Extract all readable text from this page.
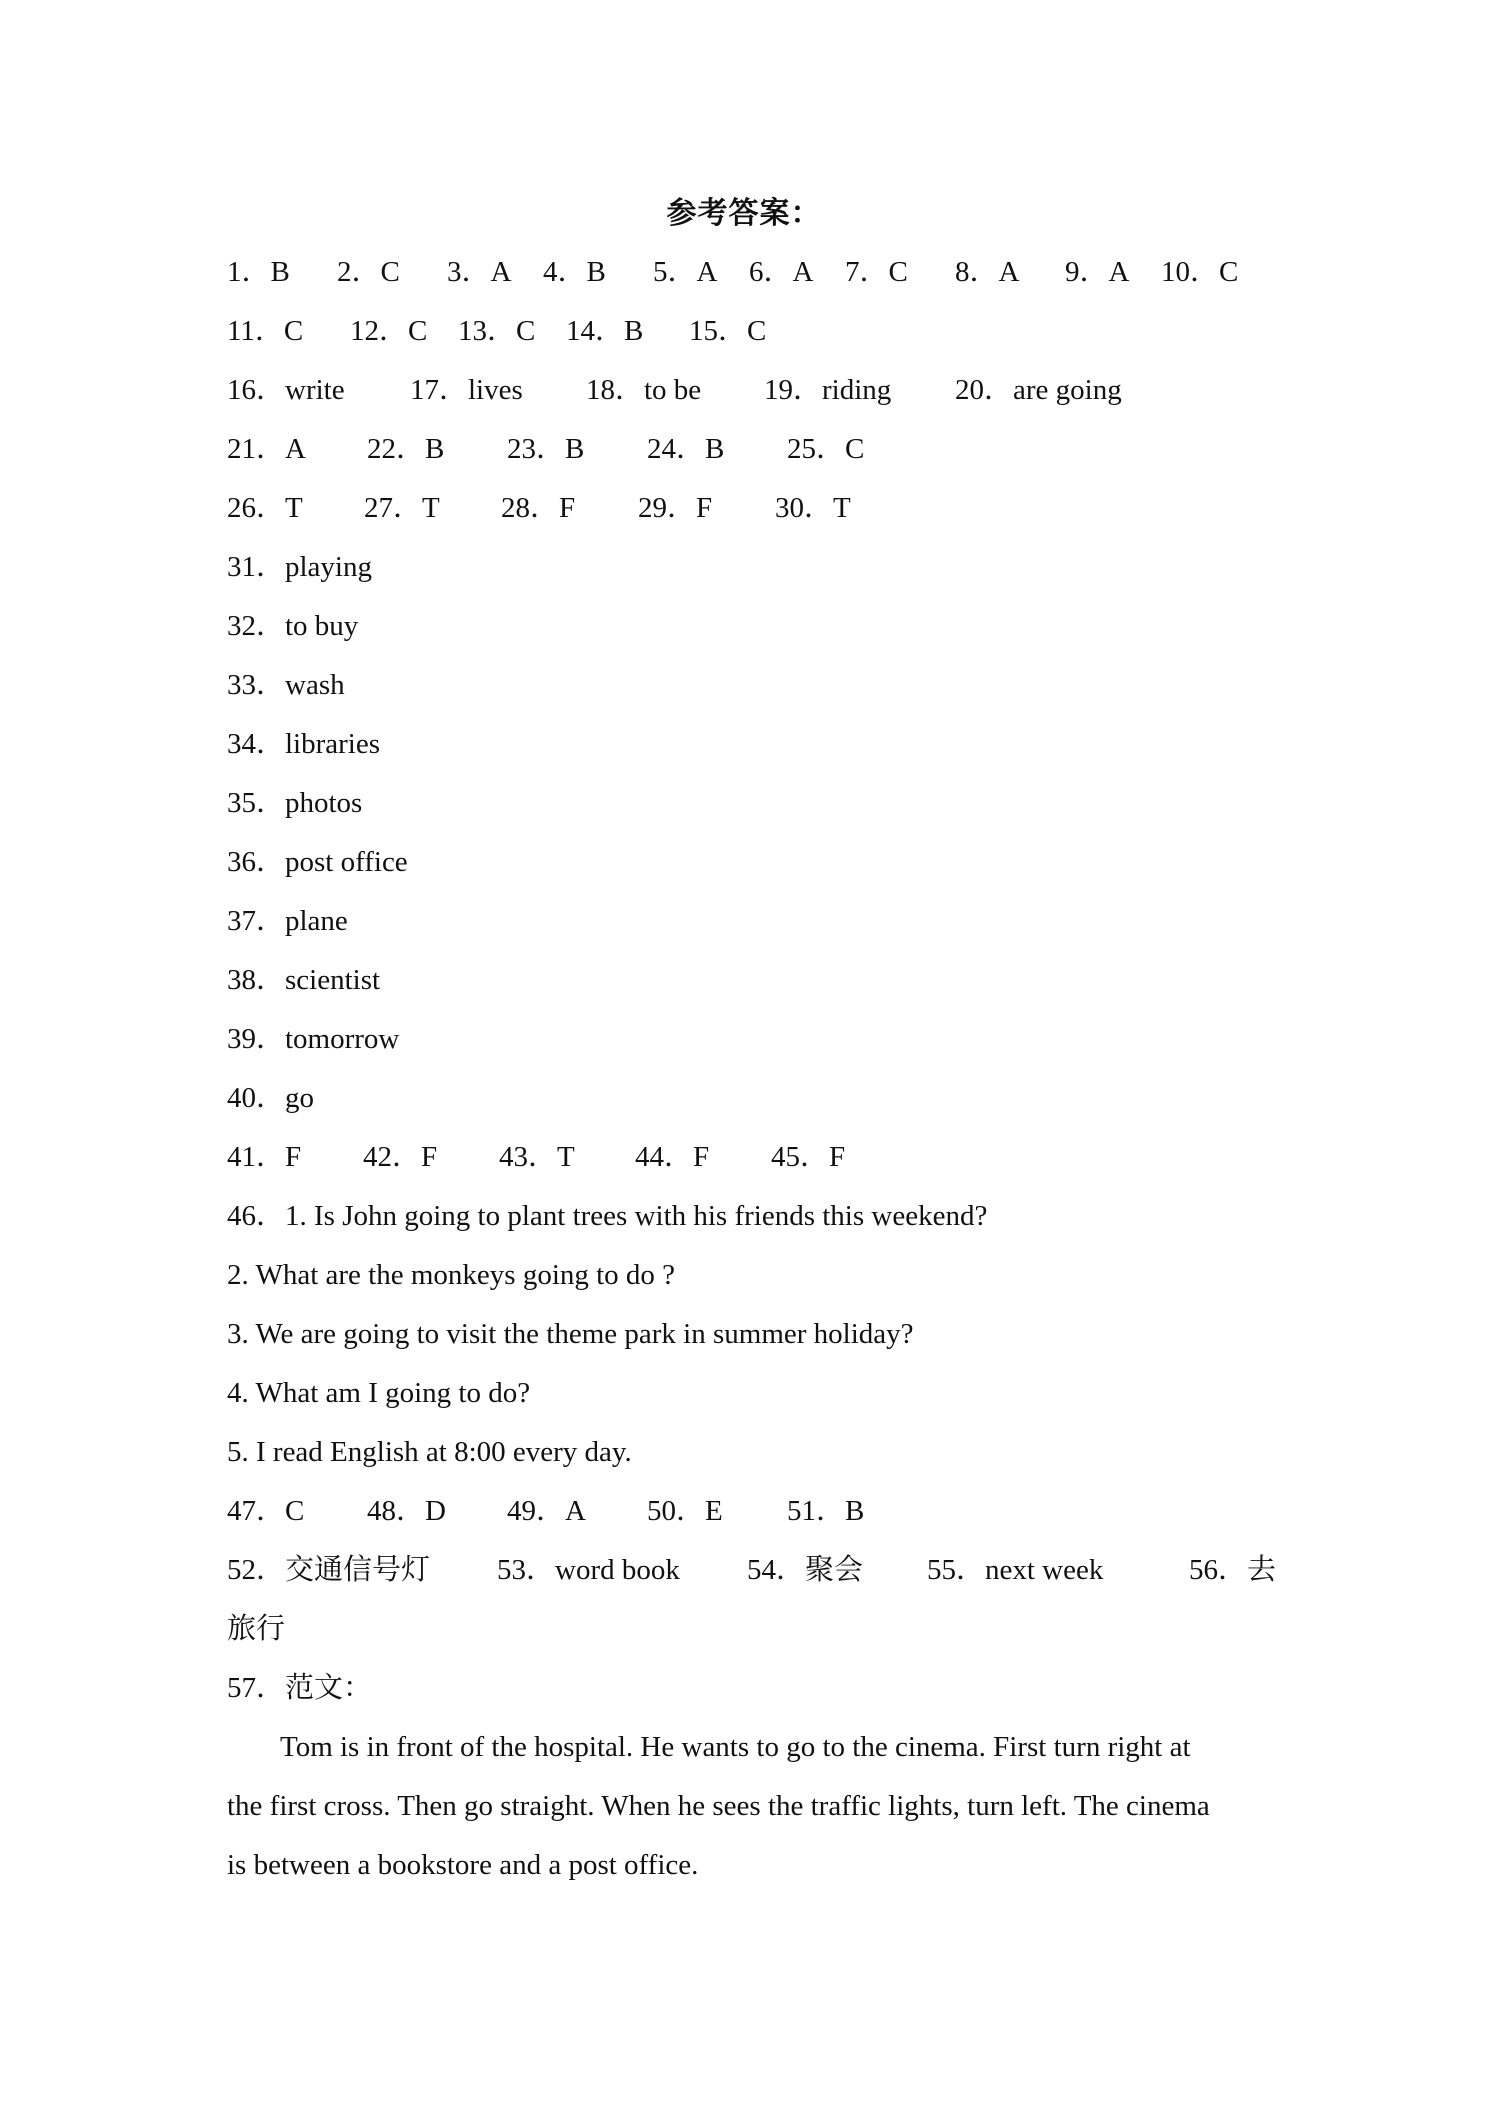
参考答案：
1．B 2．C 3．A 4．B 5．A 6．A 7．C 8．A 9．A 10．C
11．C 12．C 13．C 14．B 15．C
16．write 17．lives 18．to be 19．riding 20．are going
21．A 22．B 23．B 24．B 25．C
26．T 27．T 28．F 29．F 30．T
31．playing
32．to buy
33．wash
34．libraries
35．photos
36．post office
37．plane
38．scientist
39．tomorrow
40．go
41．F 42．F 43．T 44．F 45．F
46．1. Is John going to plant trees with his friends this weekend?
2. What are the monkeys going to do ?
3. We are going to visit the theme park in summer holiday?
4. What am I going to do?
5. I read English at 8:00 every day.
47．C 48．D 49．A 50．E 51．B
52．交通信号灯 53．word book 54．聚会 55．next week	56．去
旅行
57．范文：
Tom is in front of the hospital. He wants to go to the cinema. First turn right at
the first cross. Then go straight. When he sees the traffic lights, turn left. The cinema
is between a bookstore and a post office.
